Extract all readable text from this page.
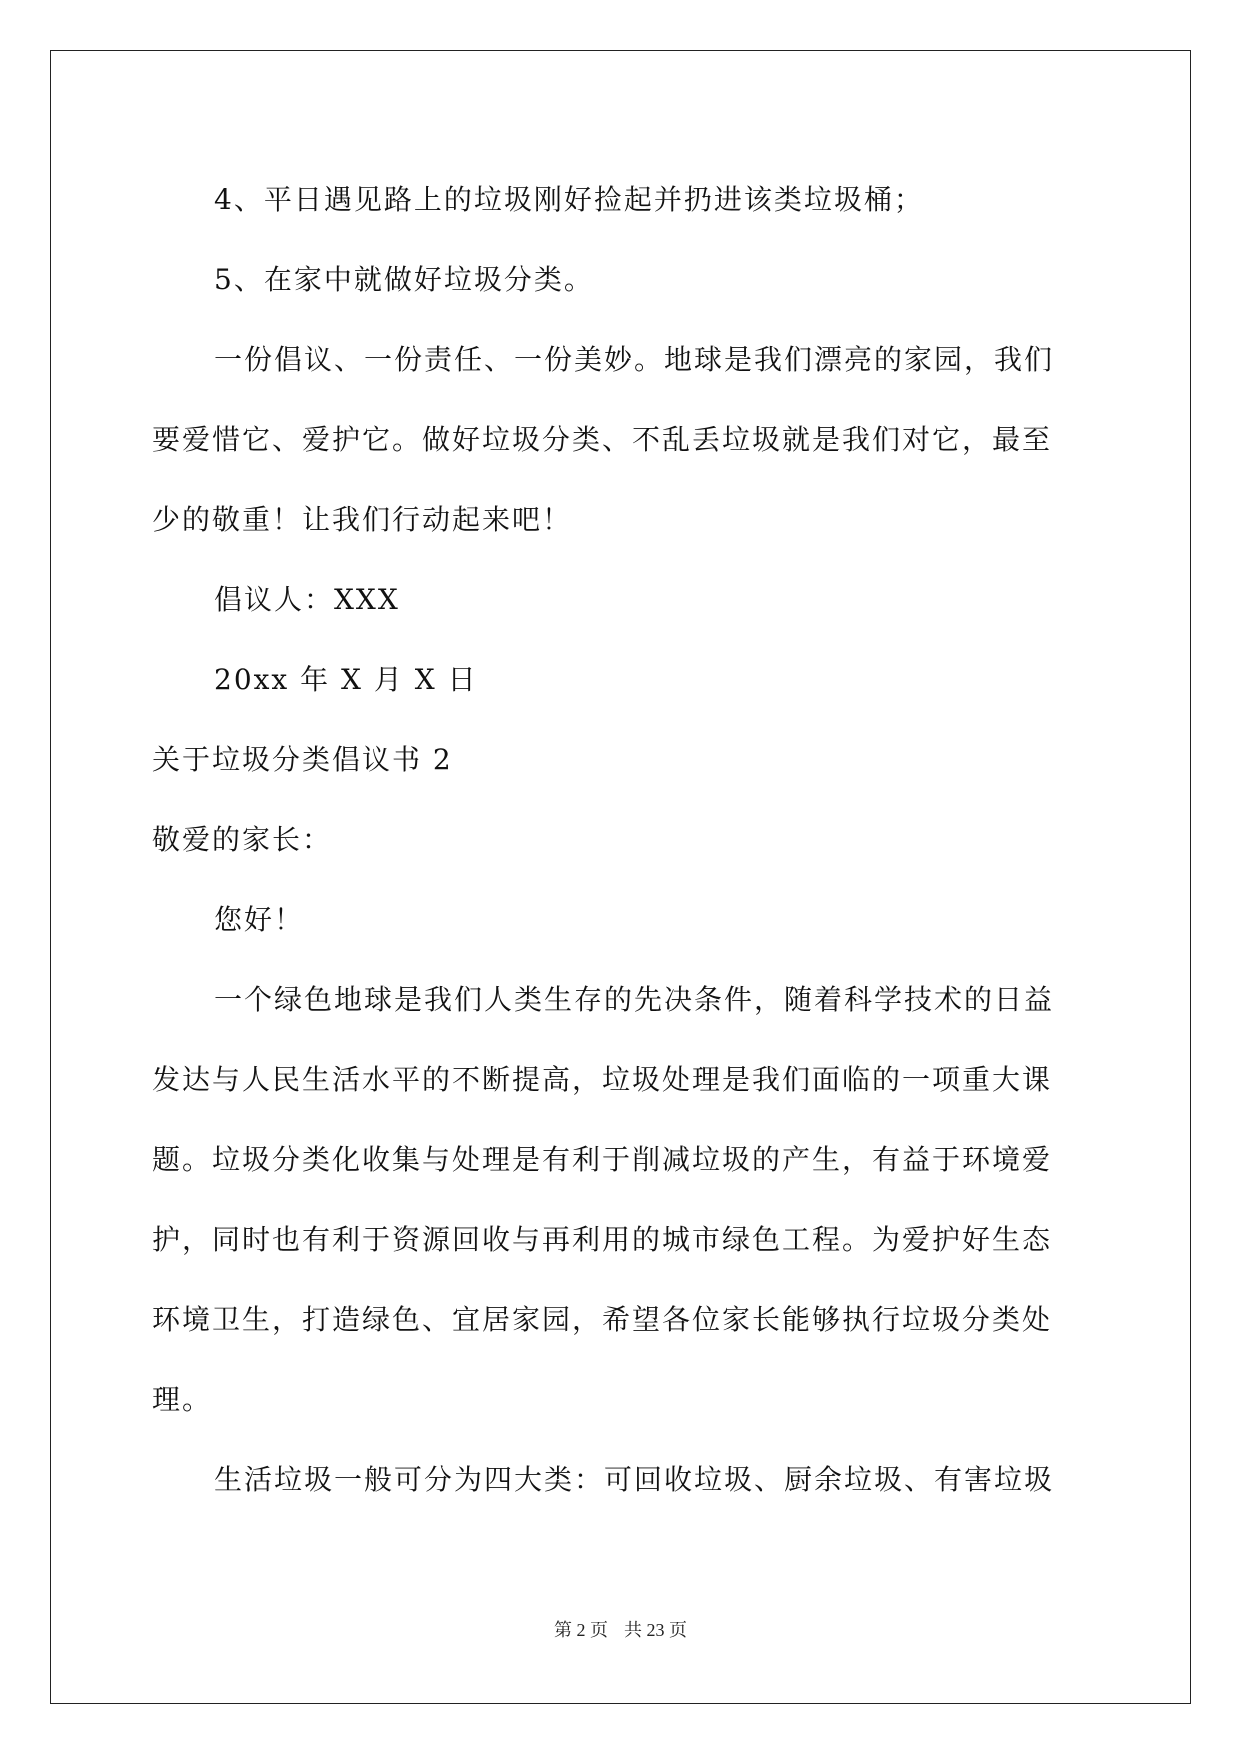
4、平日遇见路上的垃圾刚好捡起并扔进该类垃圾桶；
5、在家中就做好垃圾分类。
一份倡议、一份责任、一份美妙。地球是我们漂亮的家园，我们
要爱惜它、爱护它。做好垃圾分类、不乱丢垃圾就是我们对它，最至
少的敬重！让我们行动起来吧！
倡议人：XXX
20xx 年 X 月 X 日
关于垃圾分类倡议书 2
敬爱的家长：
您好！
一个绿色地球是我们人类生存的先决条件，随着科学技术的日益
发达与人民生活水平的不断提高，垃圾处理是我们面临的一项重大课
题。垃圾分类化收集与处理是有利于削减垃圾的产生，有益于环境爱
护，同时也有利于资源回收与再利用的城市绿色工程。为爱护好生态
环境卫生，打造绿色、宜居家园，希望各位家长能够执行垃圾分类处
理。
生活垃圾一般可分为四大类：可回收垃圾、厨余垃圾、有害垃圾
第 2 页 共 23 页
